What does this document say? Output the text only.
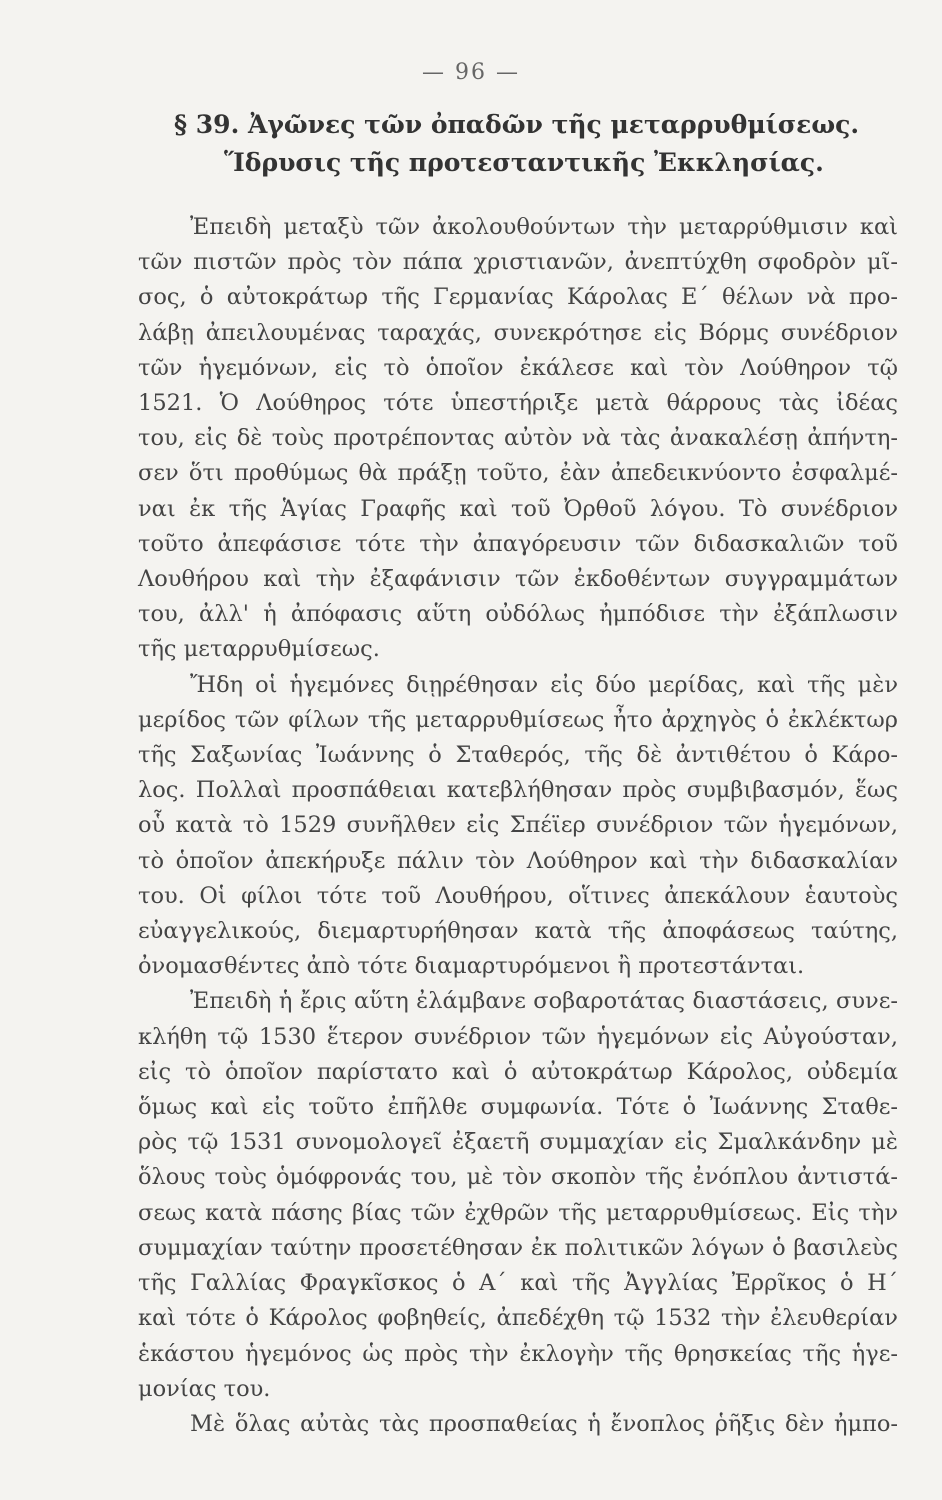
— 96 —
§ 39. Ἀγῶνες τῶν ὀπαδῶν τῆς μεταρρυθμίσεως.
Ἵδρυσις τῆς προτεσταντικῆς Ἐκκλησίας.
Ἐπειδὴ μεταξὺ τῶν ἀκολουθούντων τὴν μεταρρύθμισιν καὶ
τῶν πιστῶν πρὸς τὸν πάπα χριστιανῶν, ἀνεπτύχθη σφοδρὸν μῖ-
σος, ὁ αὐτοκράτωρ τῆς Γερμανίας Κάρολας Ε΄ θέλων νὰ προ-
λάβῃ ἀπειλουμένας ταραχάς, συνεκρότησε εἰς Βόρμς συνέδριον
τῶν ἡγεμόνων, εἰς τὸ ὁποῖον ἐκάλεσε καὶ τὸν Λούθηρον τῷ
1521. Ὁ Λούθηρος τότε ὑπεστήριξε μετὰ θάρρους τὰς ἰδέας
του, εἰς δὲ τοὺς προτρέποντας αὐτὸν νὰ τὰς ἀνακαλέσῃ ἀπήντη-
σεν ὅτι προθύμως θὰ πράξῃ τοῦτο, ἐὰν ἀπεδεικνύοντο ἐσφαλμέ-
ναι ἐκ τῆς Ἁγίας Γραφῆς καὶ τοῦ Ὀρθοῦ λόγου. Τὸ συνέδριον
τοῦτο ἀπεφάσισε τότε τὴν ἀπαγόρευσιν τῶν διδασκαλιῶν τοῦ
Λουθήρου καὶ τὴν ἐξαφάνισιν τῶν ἐκδοθέντων συγγραμμάτων
του, ἀλλ' ἡ ἀπόφασις αὕτη οὐδόλως ἠμπόδισε τὴν ἐξάπλωσιν
τῆς μεταρρυθμίσεως.
Ἤδη οἱ ἡγεμόνες διῃρέθησαν εἰς δύο μερίδας, καὶ τῆς μὲν
μερίδος τῶν φίλων τῆς μεταρρυθμίσεως ἦτο ἀρχηγὸς ὁ ἐκλέκτωρ
τῆς Σαξωνίας Ἰωάννης ὁ Σταθερός, τῆς δὲ ἀντιθέτου ὁ Κάρο-
λος. Πολλαὶ προσπάθειαι κατεβλήθησαν πρὸς συμβιβασμόν, ἕως
οὗ κατὰ τὸ 1529 συνῆλθεν εἰς Σπέϊερ συνέδριον τῶν ἡγεμόνων,
τὸ ὁποῖον ἀπεκήρυξε πάλιν τὸν Λούθηρον καὶ τὴν διδασκαλίαν
του. Οἱ φίλοι τότε τοῦ Λουθήρου, οἵτινες ἀπεκάλουν ἑαυτοὺς
εὐαγγελικούς, διεμαρτυρήθησαν κατὰ τῆς ἀποφάσεως ταύτης,
ὀνομασθέντες ἀπὸ τότε διαμαρτυρόμενοι ἢ προτεστάνται.
Ἐπειδὴ ἡ ἔρις αὕτη ἐλάμβανε σοβαροτάτας διαστάσεις, συνε-
κλήθη τῷ 1530 ἕτερον συνέδριον τῶν ἡγεμόνων εἰς Αὐγούσταν,
εἰς τὸ ὁποῖον παρίστατο καὶ ὁ αὐτοκράτωρ Κάρολος, οὐδεμία
ὅμως καὶ εἰς τοῦτο ἐπῆλθε συμφωνία. Τότε ὁ Ἰωάννης Σταθε-
ρὸς τῷ 1531 συνομολογεῖ ἐξαετῆ συμμαχίαν εἰς Σμαλκάνδην μὲ
ὅλους τοὺς ὁμόφρονάς του, μὲ τὸν σκοπὸν τῆς ἐνόπλου ἀντιστά-
σεως κατὰ πάσης βίας τῶν ἐχθρῶν τῆς μεταρρυθμίσεως. Εἰς τὴν
συμμαχίαν ταύτην προσετέθησαν ἐκ πολιτικῶν λόγων ὁ βασιλεὺς
τῆς Γαλλίας Φραγκῖσκος ὁ Α΄ καὶ τῆς Ἀγγλίας Ἐρρῖκος ὁ Η΄
καὶ τότε ὁ Κάρολος φοβηθείς, ἀπεδέχθη τῷ 1532 τὴν ἐλευθερίαν
ἑκάστου ἡγεμόνος ὡς πρὸς τὴν ἐκλογὴν τῆς θρησκείας τῆς ἡγε-
μονίας του.
Μὲ ὅλας αὐτὰς τὰς προσπαθείας ἡ ἔνοπλος ῥῆξις δὲν ἠμπο-
